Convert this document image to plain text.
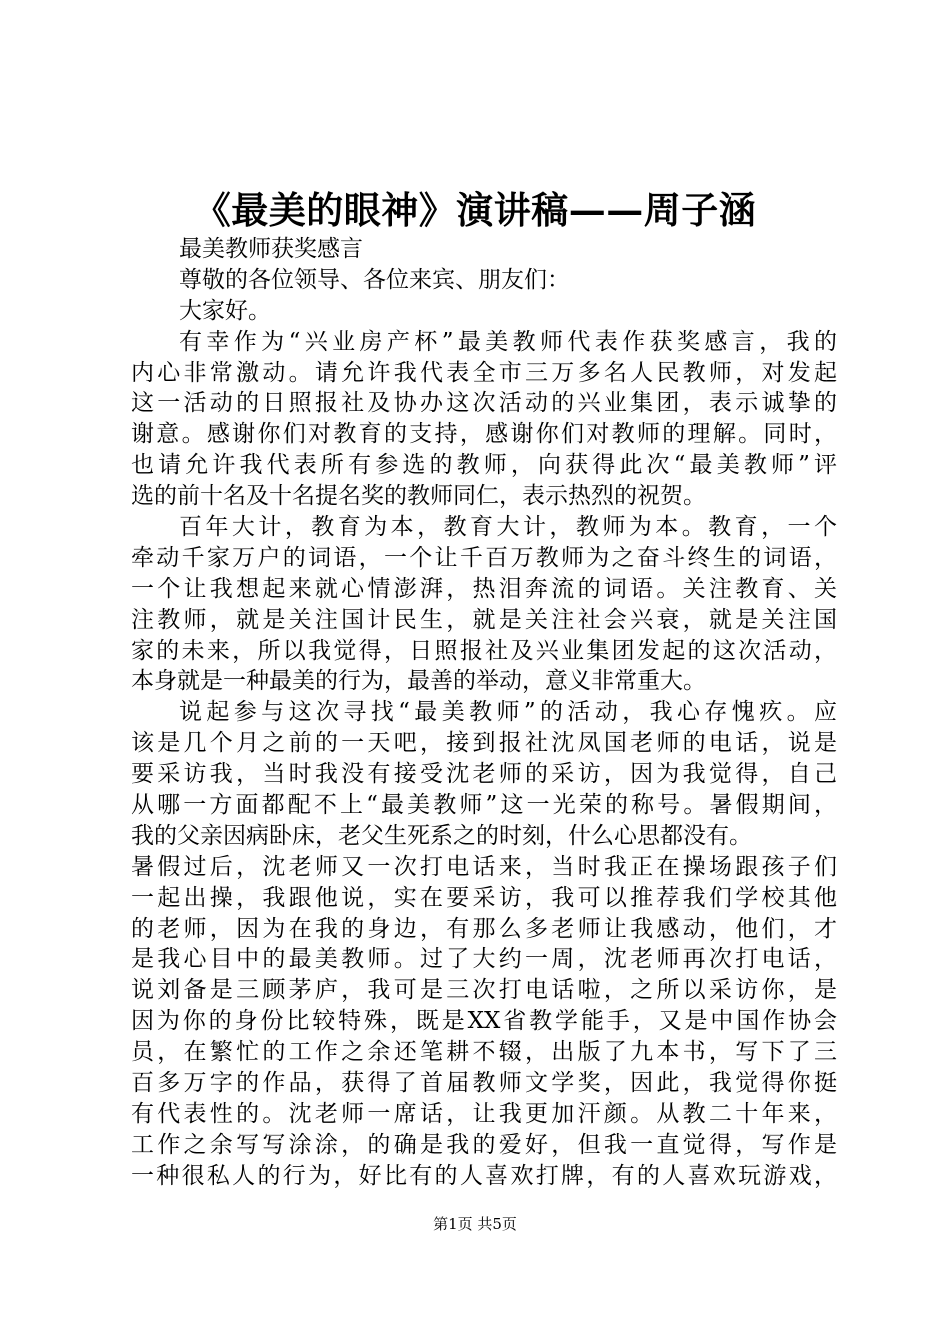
《最美的眼神》演讲稿——周子涵
最美教师获奖感言
尊敬的各位领导、各位来宾、朋友们：
大家好。
有幸作为“兴业房产杯”最美教师代表作获奖感言，我的
内心非常激动。请允许我代表全市三万多名人民教师，对发起
这一活动的日照报社及协办这次活动的兴业集团，表示诚挚的
谢意。感谢你们对教育的支持，感谢你们对教师的理解。同时，
也请允许我代表所有参选的教师，向获得此次“最美教师”评
选的前十名及十名提名奖的教师同仁，表示热烈的祝贺。
百年大计，教育为本，教育大计，教师为本。教育，一个
牵动千家万户的词语，一个让千百万教师为之奋斗终生的词语，
一个让我想起来就心情澎湃，热泪奔流的词语。关注教育、关
注教师，就是关注国计民生，就是关注社会兴衰，就是关注国
家的未来，所以我觉得，日照报社及兴业集团发起的这次活动，
本身就是一种最美的行为，最善的举动，意义非常重大。
说起参与这次寻找“最美教师”的活动，我心存愧疚。应
该是几个月之前的一天吧，接到报社沈凤国老师的电话，说是
要采访我，当时我没有接受沈老师的采访，因为我觉得，自己
从哪一方面都配不上“最美教师”这一光荣的称号。暑假期间，
我的父亲因病卧床，老父生死系之的时刻，什么心思都没有。
暑假过后，沈老师又一次打电话来，当时我正在操场跟孩子们
一起出操，我跟他说，实在要采访，我可以推荐我们学校其他
的老师，因为在我的身边，有那么多老师让我感动，他们，才
是我心目中的最美教师。过了大约一周，沈老师再次打电话，
说刘备是三顾茅庐，我可是三次打电话啦，之所以采访你，是
因为你的身份比较特殊，既是XX省教学能手，又是中国作协会
员，在繁忙的工作之余还笔耕不辍，出版了九本书，写下了三
百多万字的作品，获得了首届教师文学奖，因此，我觉得你挺
有代表性的。沈老师一席话，让我更加汗颜。从教二十年来，
工作之余写写涂涂，的确是我的爱好，但我一直觉得，写作是
一种很私人的行为，好比有的人喜欢打牌，有的人喜欢玩游戏，
第1页 共5页
